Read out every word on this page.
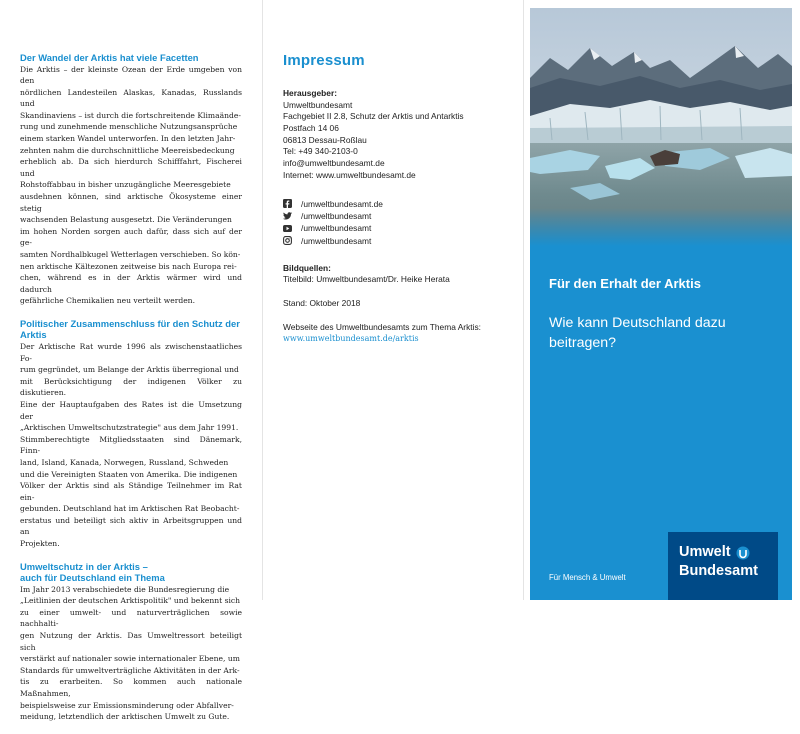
Der Wandel der Arktis hat viele Facetten

Die Arktis – der kleinste Ozean der Erde umgeben von den

nördlichen Landesteilen Alaskas, Kanadas, Russlands und

Skandinaviens – ist durch die fortschreitende Klimaände-

rung und zunehmende menschliche Nutzungsansprüche

einem starken Wandel unterworfen. In den letzten Jahr-

zehnten nahm die durchschnittliche Meereisbedeckung

erheblich ab. Da sich hierdurch Schifffahrt, Fischerei und

Rohstoffabbau in bisher unzugängliche Meeresgebiete

ausdehnen können, sind arktische Ökosysteme einer stetig

wachsenden Belastung ausgesetzt. Die Veränderungen

im hohen Norden sorgen auch dafür, dass sich auf der ge-

samten Nordhalbkugel Wetterlagen verschieben. So kön-

nen arktische Kältezonen zeitweise bis nach Europa rei-

chen, während es in der Arktis wärmer wird und dadurch

gefährliche Chemikalien neu verteilt werden.

Politischer Zusammenschluss für den Schutz der Arktis

Der Arktische Rat wurde 1996 als zwischenstaatliches Fo-

rum gegründet, um Belange der Arktis überregional und

mit Berücksichtigung der indigenen Völker zu diskutieren.

Eine der Hauptaufgaben des Rates ist die Umsetzung der

„Arktischen Umweltschutzstrategie" aus dem Jahr 1991.

Stimmberechtigte Mitgliedsstaaten sind Dänemark, Finn-

land, Island, Kanada, Norwegen, Russland, Schweden

und die Vereinigten Staaten von Amerika. Die indigenen

Völker der Arktis sind als Ständige Teilnehmer im Rat ein-

gebunden. Deutschland hat im Arktischen Rat Beobacht-

erstatus und beteiligt sich aktiv in Arbeitsgruppen und an

Projekten.

Umweltschutz in der Arktis –

auch für Deutschland ein Thema

Im Jahr 2013 verabschiedete die Bundesregierung die

„Leitlinien der deutschen Arktispolitik" und bekennt sich

zu einer umwelt- und naturverträglichen sowie nachhalti-

gen Nutzung der Arktis. Das Umweltressort beteiligt sich

verstärkt auf nationaler sowie internationaler Ebene, um

Standards für umweltverträgliche Aktivitäten in der Ark-

tis zu erarbeiten. So kommen auch nationale Maßnahmen,

beispielsweise zur Emissionsminderung oder Abfallver-

meidung, letztendlich der arktischen Umwelt zu Gute.

Impressum

Herausgeber:

Umweltbundesamt

Fachgebiet II 2.8, Schutz der Arktis und Antarktis

Postfach 14 06

06813 Dessau-Roßlau

Tel: +49 340-2103-0

info@umweltbundesamt.de

Internet: www.umweltbundesamt.de

/umweltbundesamt.de
/umweltbundesamt
/umweltbundesamt
/umweltbundesamt

Bildquellen:

Titelbild: Umweltbundesamt/Dr. Heike Herata

Stand: Oktober 2018

Webseite des Umweltbundesamts zum Thema Arktis:

www.umweltbundesamt.de/arktis

Für den Erhalt der Arktis

Wie kann Deutschland dazu
beitragen?

Für Mensch & Umwelt

Umwelt

Bundesamt
